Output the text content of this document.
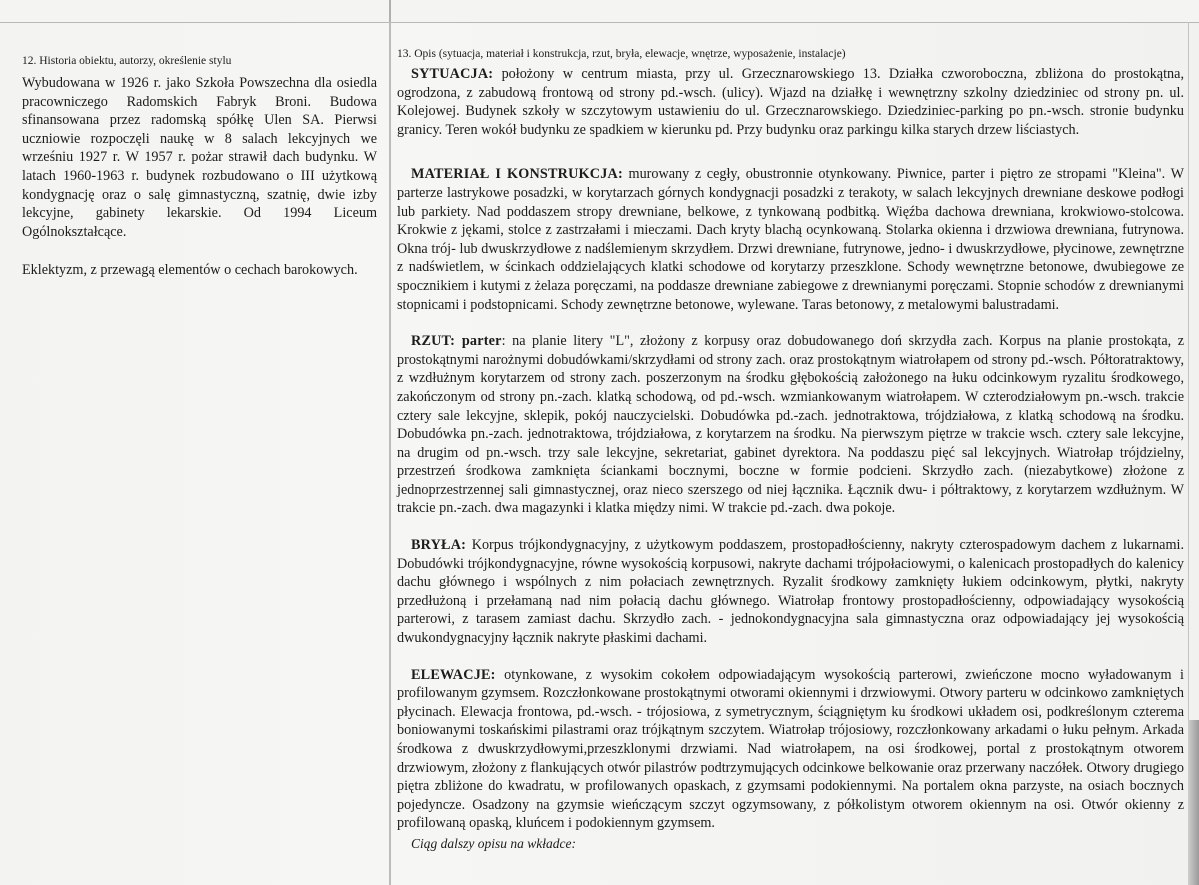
12. Historia obiektu, autorzy, określenie stylu

Wybudowana w 1926 r. jako Szkoła Powszechna dla osiedla pracowniczego Radomskich Fabryk Broni. Budowa sfinansowana przez radomską spółkę Ulen SA. Pierwsi uczniowie rozpoczęli naukę w 8 salach lekcyjnych we wrześniu 1927 r. W 1957 r. pożar strawił dach budynku. W latach 1960-1963 r. budynek rozbudowano o III użytkową kondygnację oraz o salę gimnastyczną, szatnię, dwie izby lekcyjne, gabinety lekarskie. Od 1994 Liceum Ogólnokształcące.

Eklektyzm, z przewagą elementów o cechach barokowych.

13. Opis (sytuacja, materiał i konstrukcja, rzut, bryła, elewacje, wnętrze, wyposażenie, instalacje)

SYTUACJA: położony w centrum miasta, przy ul. Grzecznarowskiego 13. Działka czworoboczna, zbliżona do prostokątna, ogrodzona, z zabudową frontową od strony pd.-wsch. (ulicy). Wjazd na działkę i wewnętrzny szkolny dziedziniec od strony pn. ul. Kolejowej. Budynek szkoły w szczytowym ustawieniu do ul. Grzecznarowskiego. Dziedziniec-parking po pn.-wsch. stronie budynku granicy. Teren wokół budynku ze spadkiem w kierunku pd. Przy budynku oraz parkingu kilka starych drzew liściastych.

MATERIAŁ I KONSTRUKCJA: murowany z cegły, obustronnie otynkowany. Piwnice, parter i piętro ze stropami "Kleina". W parterze lastrykowe posadzki, w korytarzach górnych kondygnacji posadzki z terakoty, w salach lekcyjnych drewniane deskowe podłogi lub parkiety. Nad poddaszem stropy drewniane, belkowe, z tynkowaną podbitką. Więźba dachowa drewniana, krokwiowo-stolcowa. Krokwie z jękami, stolce z zastrzałami i mieczami. Dach kryty blachą ocynkowaną. Stolarka okienna i drzwiowa drewniana, futrynowa. Okna trój- lub dwuskrzydłowe z nadślemienym skrzydłem. Drzwi drewniane, futrynowe, jedno- i dwuskrzydłowe, płycinowe, zewnętrzne z nadświetlem, w ścinkach oddzielających klatki schodowe od korytarzy przeszklone. Schody wewnętrzne betonowe, dwubiegowe ze spocznikiem i kutymi z żelaza poręczami, na poddasze drewniane zabiegowe z drewnianymi poręczami. Stopnie schodów z drewnianymi stopnicami i podstopnicami. Schody zewnętrzne betonowe, wylewane. Taras betonowy, z metalowymi balustradami.

RZUT: parter: na planie litery "L", złożony z korpusy oraz dobudowanego doń skrzydła zach. Korpus na planie prostokąta, z prostokątnymi narożnymi dobudówkami/skrzydłami od strony zach. oraz prostokątnym wiatrołapem od strony pd.-wsch. Półtoratraktowy, z wzdłużnym korytarzem od strony zach. poszerzonym na środku głębokością założonego na łuku odcinkowym ryzalitu środkowego, zakończonym od strony pn.-zach. klatką schodową, od pd.-wsch. wzmiankowanym wiatrołapem. W czterodziałowym pn.-wsch. trakcie cztery sale lekcyjne, sklepik, pokój nauczycielski. Dobudówka pd.-zach. jednotraktowa, trójdziałowa, z klatką schodową na środku. Dobudówka pn.-zach. jednotraktowa, trójdziałowa, z korytarzem na środku. Na pierwszym piętrze w trakcie wsch. cztery sale lekcyjne, na drugim od pn.-wsch. trzy sale lekcyjne, sekretariat, gabinet dyrektora. Na poddaszu pięć sal lekcyjnych. Wiatrołap trójdzielny, przestrzeń środkowa zamknięta ściankami bocznymi, boczne w formie podcieni. Skrzydło zach. (niezabytkowe) złożone z jednoprzestrzennej sali gimnastycznej, oraz nieco szerszego od niej łącznika. Łącznik dwu- i półtraktowy, z korytarzem wzdłużnym. W trakcie pn.-zach. dwa magazynki i klatka między nimi. W trakcie pd.-zach. dwa pokoje.

BRYŁA: Korpus trójkondygnacyjny, z użytkowym poddaszem, prostopadłościenny, nakryty czterospadowym dachem z lukarnami. Dobudówki trójkondygnacyjne, równe wysokością korpusowi, nakryte dachami trójpołaciowymi, o kalenicach prostopadłych do kalenicy dachu głównego i wspólnych z nim połaciach zewnętrznych. Ryzalit środkowy zamknięty łukiem odcinkowym, płytki, nakryty przedłużoną i przełamaną nad nim połacią dachu głównego. Wiatrołap frontowy prostopadłościenny, odpowiadający wysokością parterowi, z tarasem zamiast dachu. Skrzydło zach. - jednokondygnacyjna sala gimnastyczna oraz odpowiadający jej wysokością dwukondygnacyjny łącznik nakryte płaskimi dachami.

ELEWACJE: otynkowane, z wysokim cokołem odpowiadającym wysokością parterowi, zwieńczone mocno wyładowanym i profilowanym gzymsem. Rozczłonkowane prostokątnymi otworami okiennymi i drzwiowymi. Otwory parteru w odcinkowo zamkniętych płycinach. Elewacja frontowa, pd.-wsch. - trójosiowa, z symetrycznym, ściągniętym ku środkowi układem osi, podkreślonym czterema boniowanymi toskańskimi pilastrami oraz trójkątnym szczytem. Wiatrołap trójosiowy, rozczłonkowany arkadami o łuku pełnym. Arkada środkowa z dwuskrzydłowymi,przeszklonymi drzwiami. Nad wiatrołapem, na osi środkowej, portal z prostokątnym otworem drzwiowym, złożony z flankujących otwór pilastrów podtrzymujących odcinkowe belkowanie oraz przerwany naczółek. Otwory drugiego piętra zbliżone do kwadratu, w profilowanych opaskach, z gzymsami podokiennymi. Na portalem okna parzyste, na osiach bocznych pojedyncze. Osadzony na gzymsie wieńczącym szczyt ogzymsowany, z półkolistym otworem okiennym na osi. Otwór okienny z profilowaną opaską, kluńcem i podokiennym gzymsem.

Ciąg dalszy opisu na wkładce:
